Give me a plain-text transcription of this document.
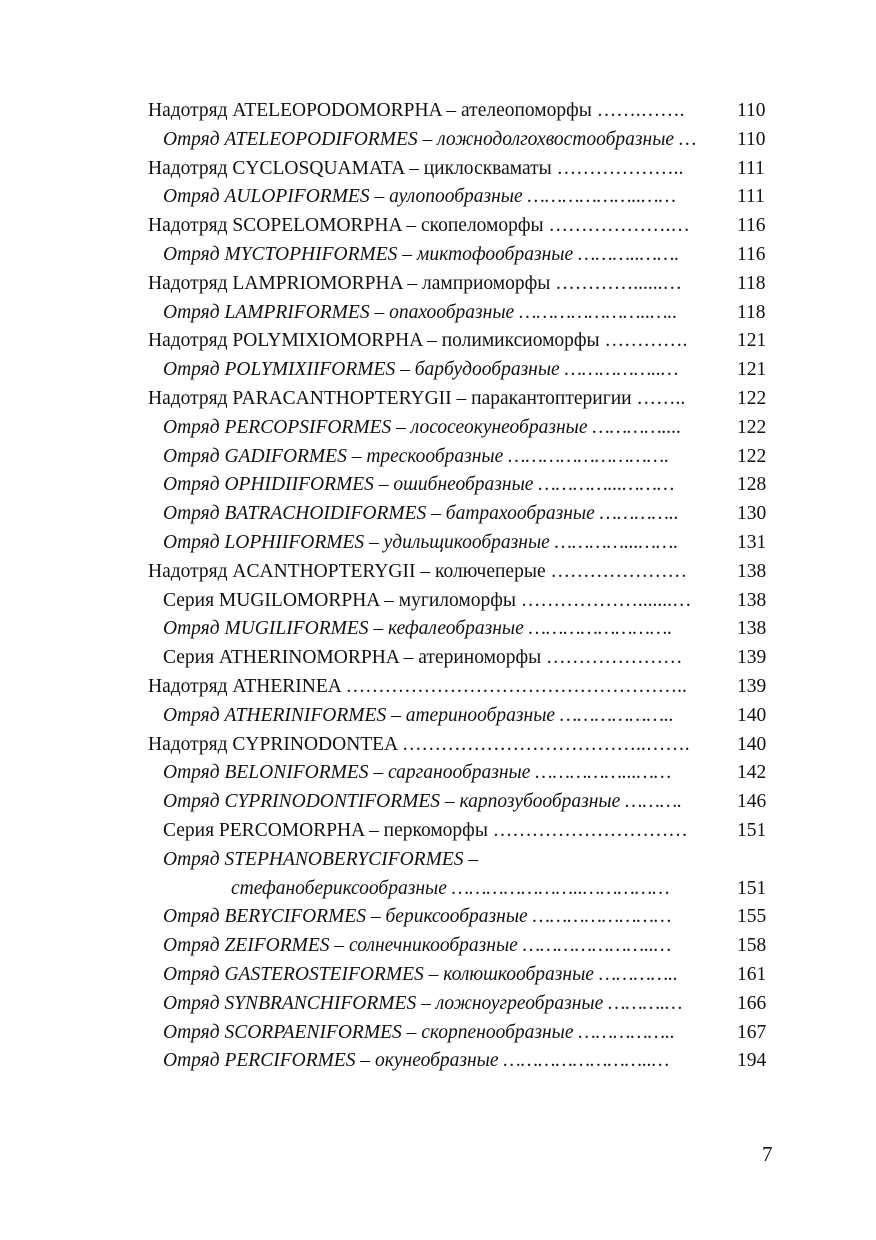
Надотряд ATELEOPODOMORPHA – ателеопоморфы …….…….	110
Отряд ATELEOPODIFORMES – ложнодолгохвостообразные … 110
Надотряд CYCLOSQUAMATA – циклоскваматы ………………..	111
Отряд AULOPIFORMES – аулопообразные ………………..……	111
Надотряд SCOPELOMORPHA – скопеломорфы ……………….… 116
Отряд MYCTOPHIFORMES – миктофообразные ………..…….	116
Надотряд LAMPRIOMORPHA – ламприоморфы …………......…	118
Отряд LAMPRIFORMES – опахообразные …………………..…..	118
Надотряд POLYMIXIOMORPHA – полимиксиоморфы ………….	121
Отряд POLYMIXIIFORMES – барбудообразные ……………..…	121
Надотряд PARACANTHOPTERYGII – паракантоптеригии ……..	122
Отряд PERCOPSIFORMES – лососеокунеобразные …………....	122
Отряд GADIFORMES – трескообразные ……………………….	122
Отряд OPHIDIIFORMES – ошибнеобразные …………...………	128
Отряд BATRACHOIDIFORMES – батрахообразные …………..	130
Отряд LOPHIIFORMES – удильщикообразные …………...…….	131
Надотряд ACANTHOPTERYGII – колючеперые …………………	138
Серия MUGILOMORPHA – мугиломорфы ……………….......… 138
Отряд MUGILIFORMES – кефалеобразные …………………….	138
Серия ATHERINOMORPHA – атериноморфы …………………	139
Надотряд ATHERINEA ……………………………………………..	139
Отряд ATHERINIFORMES – атеринообразные ………………..	140
Надотряд CYPRINODONTEA ………………………………..……. 140
Отряд BELONIFORMES – сарганообразные ……………...……	142
Отряд CYPRINODONTIFORMES – карпозубообразные ……….	146
Серия PERCOMORPHA – перкоморфы …………………………	151
Отряд STEPHANOBERYCIFORMES –
стефанобериксообразные …………………..……………	151
Отряд BERYCIFORMES – бериксообразные ……………………	155
Отряд ZEIFORMES – солнечникообразные …………………..…	158
Отряд GASTEROSTEIFORMES – колюшкообразные …………..	161
Отряд SYNBRANCHIFORMES – ложноугреобразные ……….…	166
Отряд SCORPAENIFORMES – скорпенообразные ……………..	167
Отряд PERCIFORMES – окунеобразные ……………………..…	194
7
